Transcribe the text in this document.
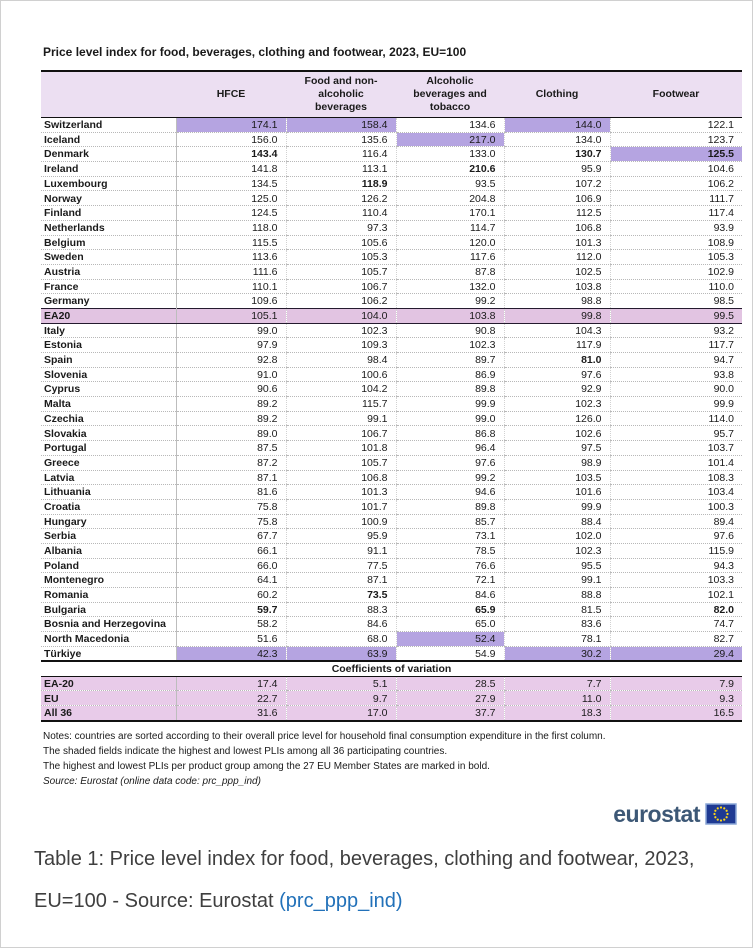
Price level index for food, beverages, clothing and footwear, 2023, EU=100
	HFCE	Food and non-alcoholic beverages	Alcoholic beverages and tobacco	Clothing	Footwear
Switzerland	174.1	158.4	134.6	144.0	122.1
Iceland	156.0	135.6	217.0	134.0	123.7
Denmark	143.4	116.4	133.0	130.7	125.5
Ireland	141.8	113.1	210.6	95.9	104.6
Luxembourg	134.5	118.9	93.5	107.2	106.2
Norway	125.0	126.2	204.8	106.9	111.7
Finland	124.5	110.4	170.1	112.5	117.4
Netherlands	118.0	97.3	114.7	106.8	93.9
Belgium	115.5	105.6	120.0	101.3	108.9
Sweden	113.6	105.3	117.6	112.0	105.3
Austria	111.6	105.7	87.8	102.5	102.9
France	110.1	106.7	132.0	103.8	110.0
Germany	109.6	106.2	99.2	98.8	98.5
EA20	105.1	104.0	103.8	99.8	99.5
Italy	99.0	102.3	90.8	104.3	93.2
Estonia	97.9	109.3	102.3	117.9	117.7
Spain	92.8	98.4	89.7	81.0	94.7
Slovenia	91.0	100.6	86.9	97.6	93.8
Cyprus	90.6	104.2	89.8	92.9	90.0
Malta	89.2	115.7	99.9	102.3	99.9
Czechia	89.2	99.1	99.0	126.0	114.0
Slovakia	89.0	106.7	86.8	102.6	95.7
Portugal	87.5	101.8	96.4	97.5	103.7
Greece	87.2	105.7	97.6	98.9	101.4
Latvia	87.1	106.8	99.2	103.5	108.3
Lithuania	81.6	101.3	94.6	101.6	103.4
Croatia	75.8	101.7	89.8	99.9	100.3
Hungary	75.8	100.9	85.7	88.4	89.4
Serbia	67.7	95.9	73.1	102.0	97.6
Albania	66.1	91.1	78.5	102.3	115.9
Poland	66.0	77.5	76.6	95.5	94.3
Montenegro	64.1	87.1	72.1	99.1	103.3
Romania	60.2	73.5	84.6	88.8	102.1
Bulgaria	59.7	88.3	65.9	81.5	82.0
Bosnia and Herzegovina	58.2	84.6	65.0	83.6	74.7
North Macedonia	51.6	68.0	52.4	78.1	82.7
Türkiye	42.3	63.9	54.9	30.2	29.4
Coefficients of variation					
EA-20	17.4	5.1	28.5	7.7	7.9
EU	22.7	9.7	27.9	11.0	9.3
All 36	31.6	17.0	37.7	18.3	16.5
Notes: countries are sorted according to their overall price level for household final consumption expenditure in the first column.
The shaded fields indicate the highest and lowest PLIs among all 36 participating countries.
The highest and lowest PLIs per product group among the 27 EU Member States are marked in bold.
Source: Eurostat (online data code: prc_ppp_ind)
eurostat
Table 1: Price level index for food, beverages, clothing and footwear, 2023, EU=100 - Source: Eurostat (prc_ppp_ind)
